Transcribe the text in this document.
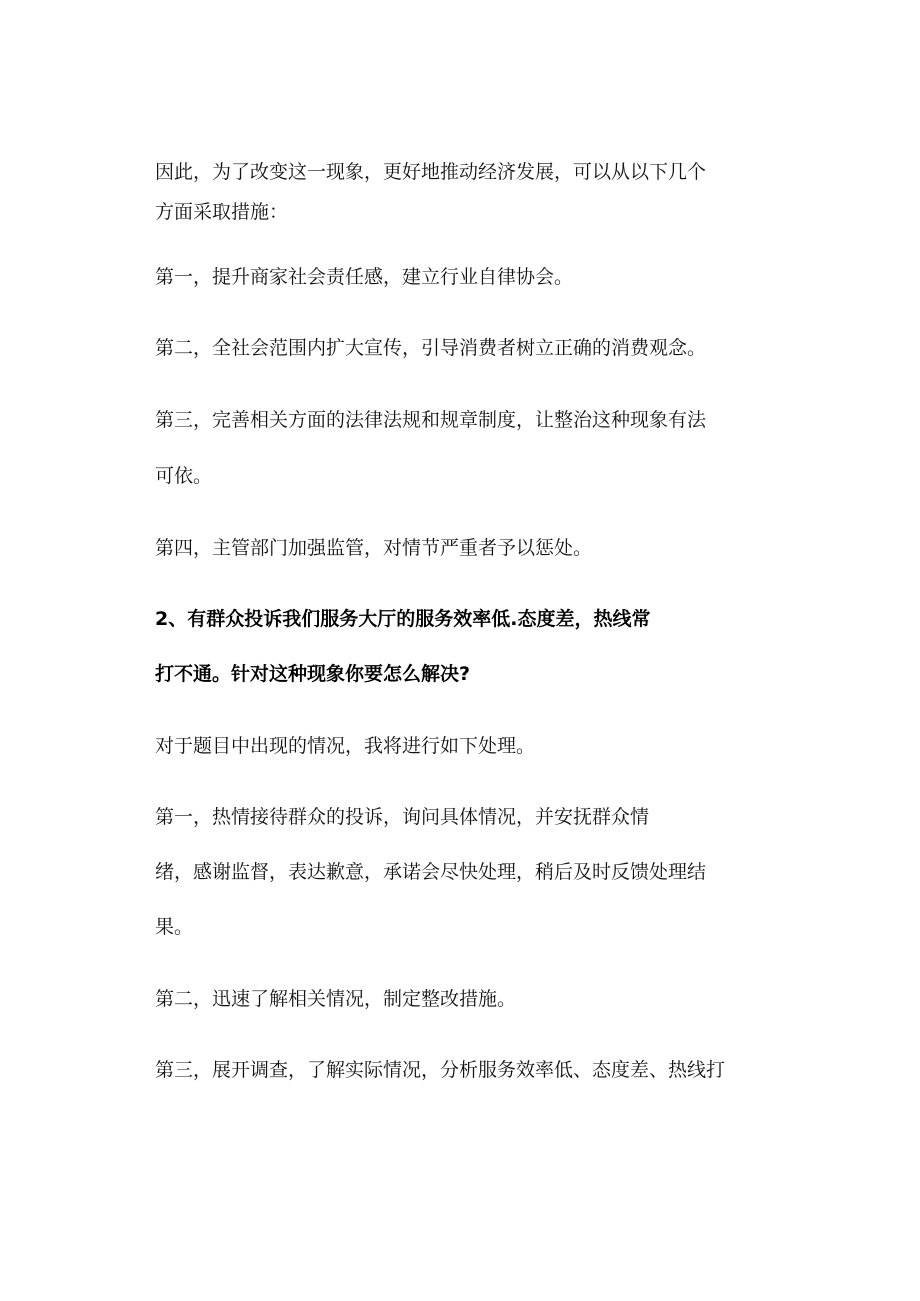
因此，为了改变这一现象，更好地推动经济发展，可以从以下几个
方面采取措施：
第一，提升商家社会责任感，建立行业自律协会。
第二，全社会范围内扩大宣传，引导消费者树立正确的消费观念。
第三，完善相关方面的法律法规和规章制度，让整治这种现象有法
可依。
第四，主管部门加强监管，对情节严重者予以惩处。
2、有群众投诉我们服务大厅的服务效率低.态度差，热线常
打不通。针对这种现象你要怎么解决?
对于题目中出现的情况，我将进行如下处理。
第一，热情接待群众的投诉，询问具体情况，并安抚群众情
绪，感谢监督，表达歉意，承诺会尽快处理，稍后及时反馈处理结
果。
第二，迅速了解相关情况，制定整改措施。
第三，展开调查，了解实际情况，分析服务效率低、态度差、热线打
